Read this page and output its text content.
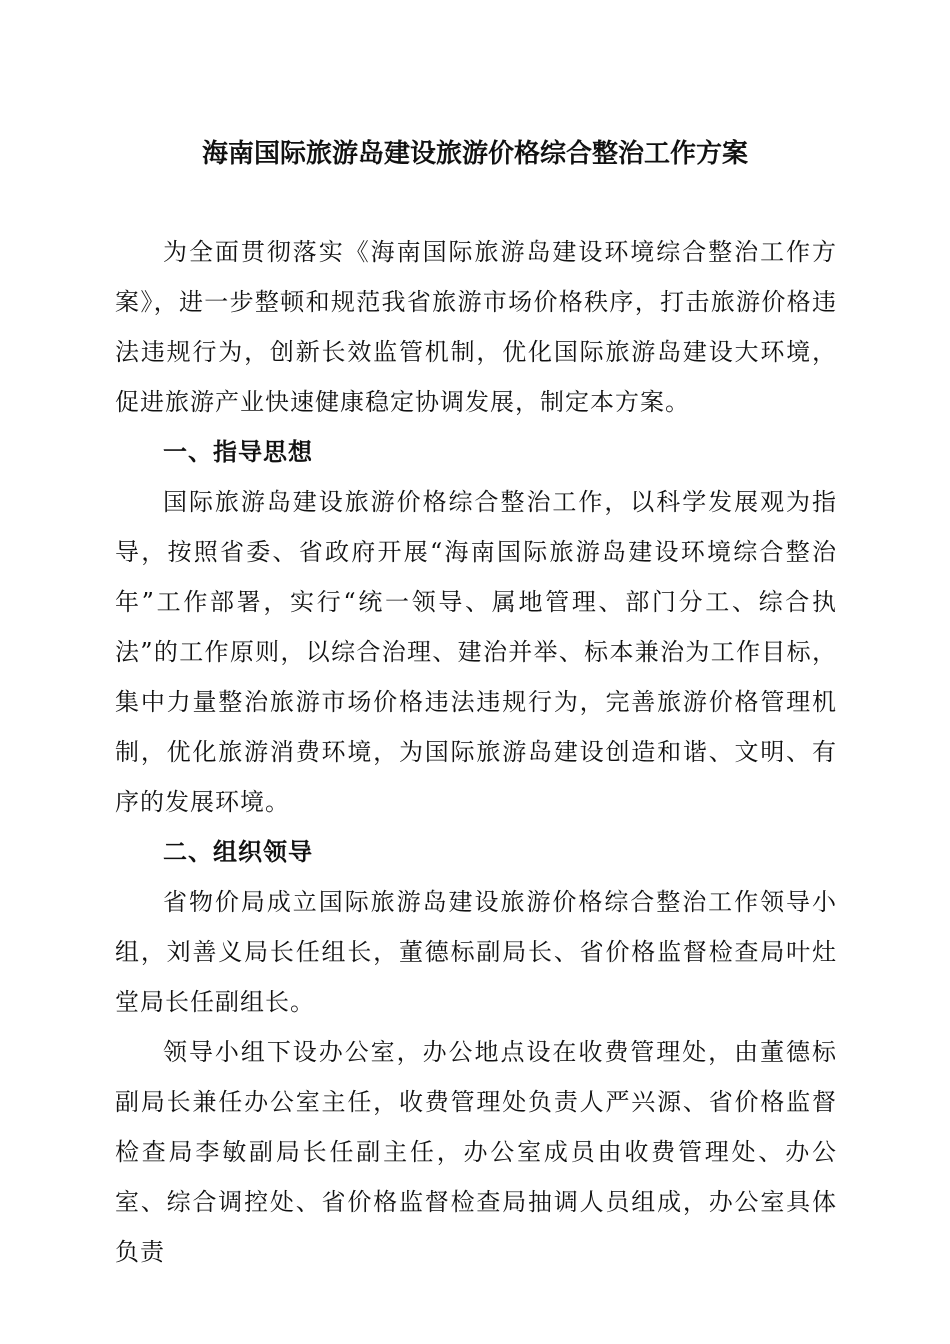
海南国际旅游岛建设旅游价格综合整治工作方案

为全面贯彻落实《海南国际旅游岛建设环境综合整治工作方案》，进一步整顿和规范我省旅游市场价格秩序，打击旅游价格违法违规行为，创新长效监管机制，优化国际旅游岛建设大环境，促进旅游产业快速健康稳定协调发展，制定本方案。

一、指导思想

国际旅游岛建设旅游价格综合整治工作，以科学发展观为指导，按照省委、省政府开展“海南国际旅游岛建设环境综合整治年”工作部署，实行“统一领导、属地管理、部门分工、综合执法”的工作原则，以综合治理、建治并举、标本兼治为工作目标，集中力量整治旅游市场价格违法违规行为，完善旅游价格管理机制，优化旅游消费环境，为国际旅游岛建设创造和谐、文明、有序的发展环境。

二、组织领导

省物价局成立国际旅游岛建设旅游价格综合整治工作领导小组，刘善义局长任组长，董德标副局长、省价格监督检查局叶灶堂局长任副组长。

领导小组下设办公室，办公地点设在收费管理处，由董德标副局长兼任办公室主任，收费管理处负责人严兴源、省价格监督检查局李敏副局长任副主任，办公室成员由收费管理处、办公室、综合调控处、省价格监督检查局抽调人员组成，办公室具体负责
